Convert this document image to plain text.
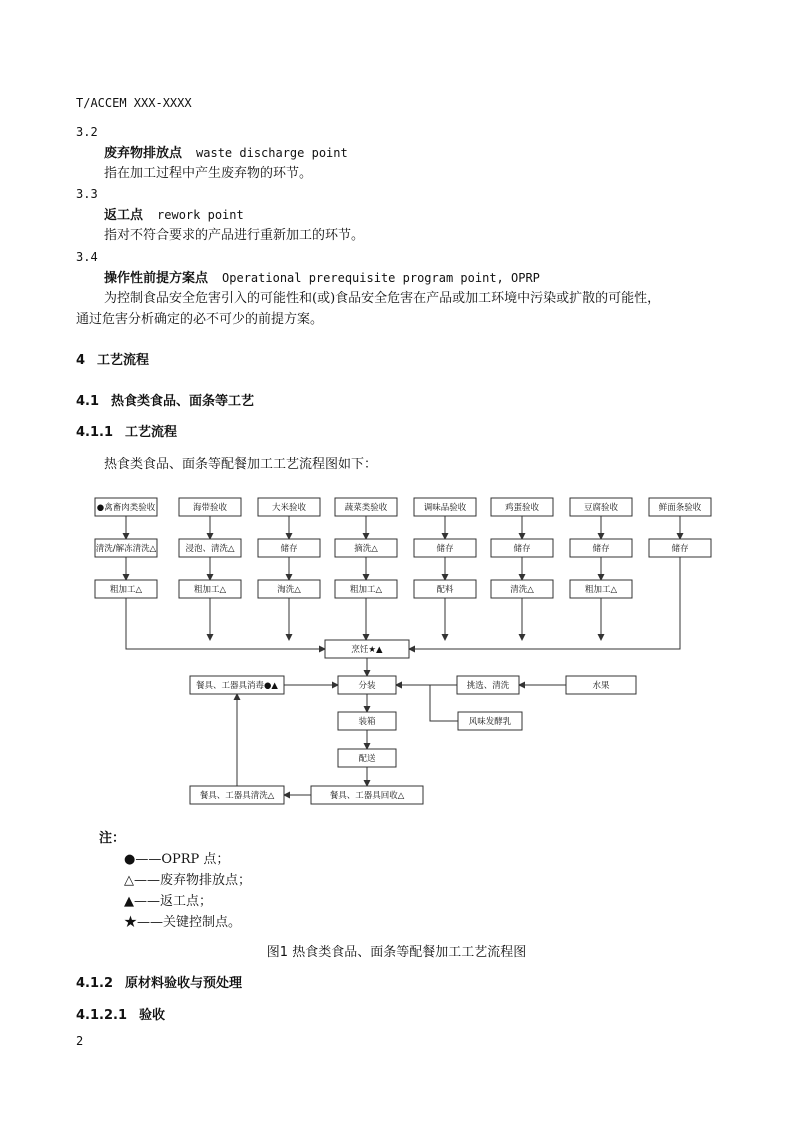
T/ACCEM XXX-XXXX
3.2
废弃物排放点 waste discharge point
指在加工过程中产生废弃物的环节。
3.3
返工点 rework point
指对不符合要求的产品进行重新加工的环节。
3.4
操作性前提方案点 Operational prerequisite program point, OPRP
为控制食品安全危害引入的可能性和(或)食品安全危害在产品或加工环境中污染或扩散的可能性，
通过危害分析确定的必不可少的前提方案。
4 工艺流程
4.1 热食类食品、面条等工艺
4.1.1 工艺流程
热食类食品、面条等配餐加工工艺流程图如下：
●禽畜肉类验收	海带验收	大米验收	蔬菜类验收	调味品验收	鸡蛋验收	豆腐验收	鲜面条验收
清洗/解冻清洗△	浸泡、清洗△	储存	摘洗△	储存	储存	储存	储存
粗加工△	粗加工△	淘洗△	粗加工△	配料	清洗△	粗加工△
烹饪★▲
分装
装箱
配送
餐具、工器具回收△
餐具、工器具消毒●▲
餐具、工器具清洗△
挑选、清洗	水果
风味发酵乳
注：
●——OPRP 点；
△——废弃物排放点；
▲——返工点；
★——关键控制点。
图1 热食类食品、面条等配餐加工工艺流程图
4.1.2 原材料验收与预处理
4.1.2.1 验收
2
